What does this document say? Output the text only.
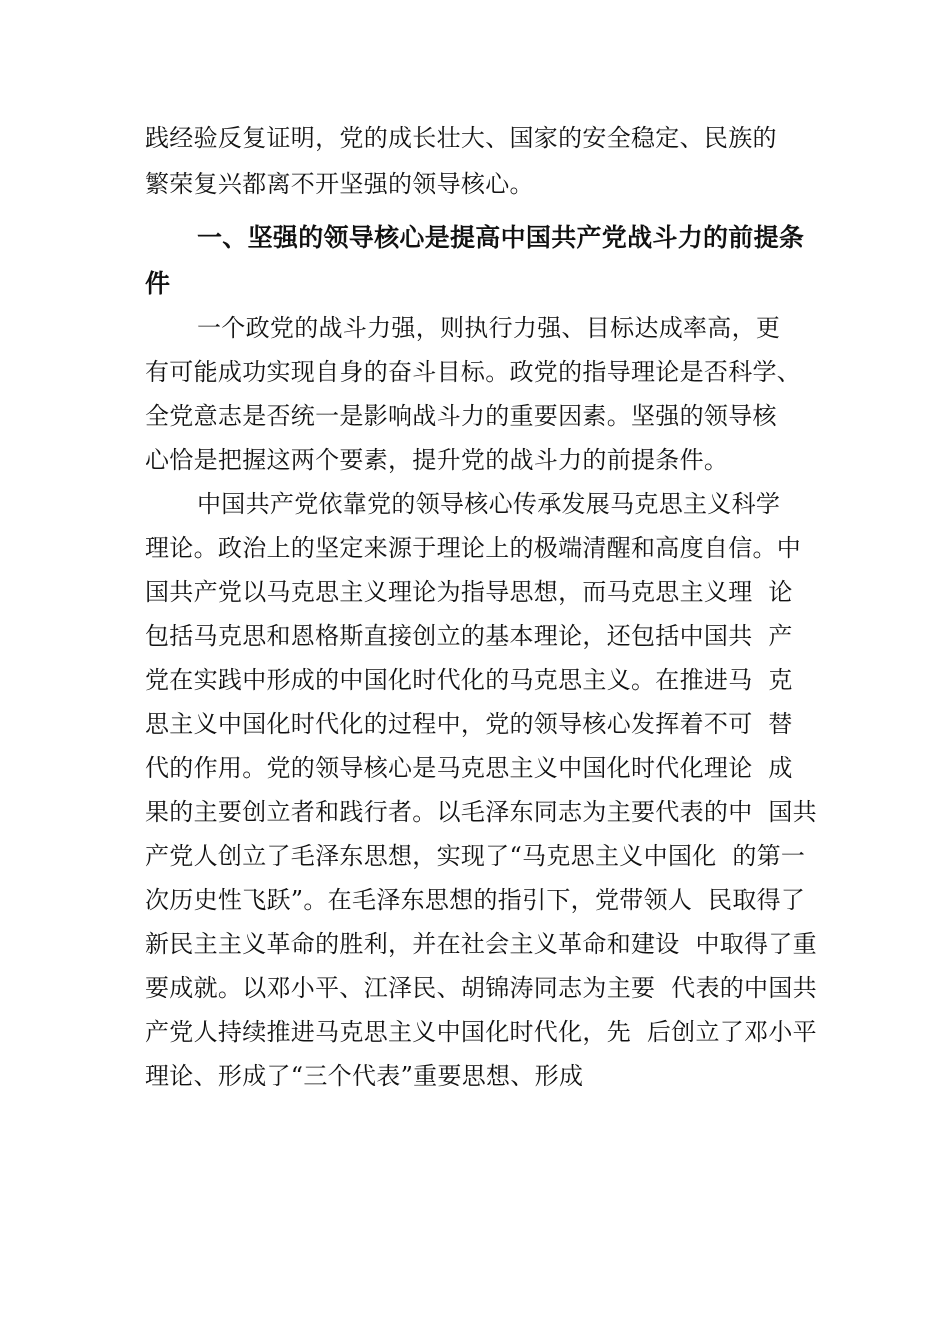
践经验反复证明，党的成长壮大、国家的安全稳定、民族的
繁荣复兴都离不开坚强的领导核心。
一、坚强的领导核心是提高中国共产党战斗力的前提条
件
一个政党的战斗力强，则执行力强、目标达成率高，更
有可能成功实现自身的奋斗目标。政党的指导理论是否科学、
全党意志是否统一是影响战斗力的重要因素。坚强的领导核
心恰是把握这两个要素，提升党的战斗力的前提条件。
中国共产党依靠党的领导核心传承发展马克思主义科学
理论。政治上的坚定来源于理论上的极端清醒和高度自信。中
国共产党以马克思主义理论为指导思想，而马克思主义理  论
包括马克思和恩格斯直接创立的基本理论，还包括中国共  产
党在实践中形成的中国化时代化的马克思主义。在推进马  克
思主义中国化时代化的过程中，党的领导核心发挥着不可  替
代的作用。党的领导核心是马克思主义中国化时代化理论  成
果的主要创立者和践行者。以毛泽东同志为主要代表的中  国共
产党人创立了毛泽东思想，实现了“马克思主义中国化  的第一
次历史性飞跃”。在毛泽东思想的指引下，党带领人  民取得了
新民主主义革命的胜利，并在社会主义革命和建设  中取得了重
要成就。以邓小平、江泽民、胡锦涛同志为主要  代表的中国共
产党人持续推进马克思主义中国化时代化，先  后创立了邓小平
理论、形成了“三个代表”重要思想、形成
